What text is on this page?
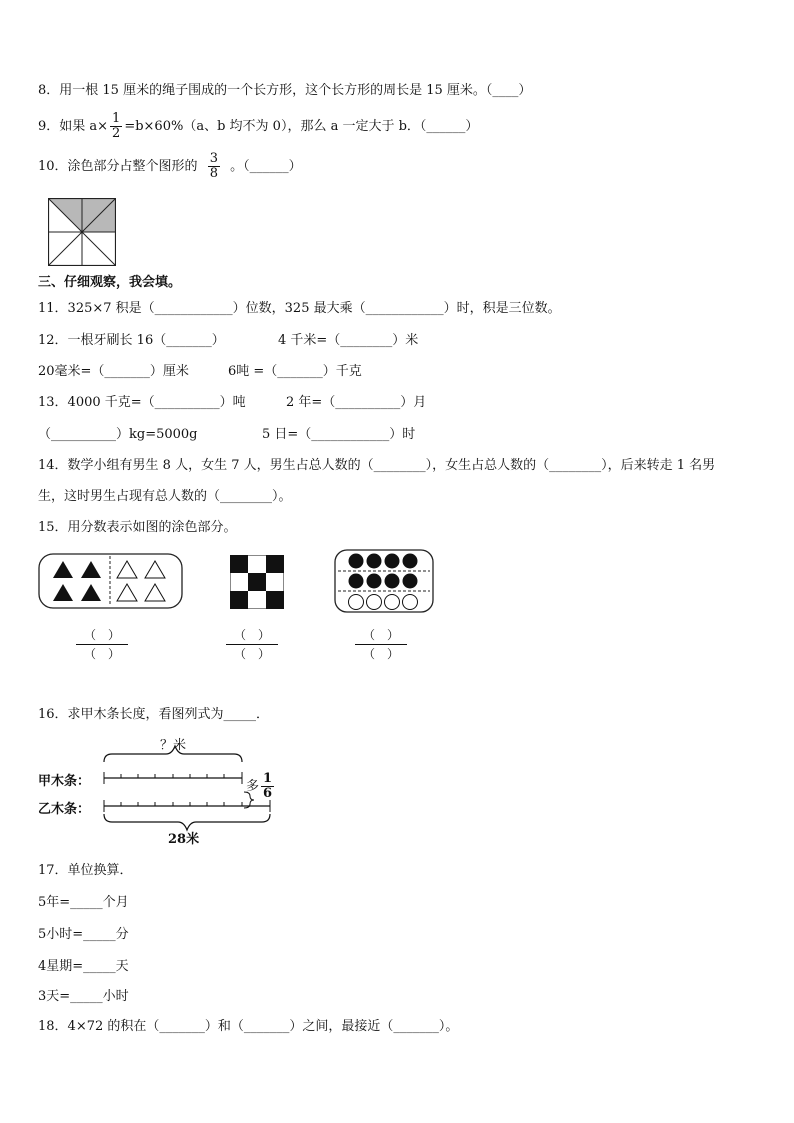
8．用一根 15 厘米的绳子围成的一个长方形，这个长方形的周长是 15 厘米。（____）
9．如果 $a\times \frac{1}{2} =b\times 60\%(a$、b 均不为 0），那么 a 一定大于 b．（______）
10．涂色部分占整个图形的 $\frac{3}{8}$ 。（______）
三、仔细观察，我会填。
11．325×7 积是（____________）位数，325 最大乘（____________）时，积是三位数。
12．一根牙刷长 16（_______）	4 千米=（________）米
20毫米=（_______）厘米	6吨 =（_______）千克
13．4000 千克=（__________）吨	2 年=（__________）月
（__________）kg=5000g	5 日=（____________）时
14．数学小组有男生 8 人，女生 7 人，男生占总人数的（________），女生占总人数的（________），后来转走 1 名男
生，这时男生占现有总人数的（________）。
15．用分数表示如图的涂色部分。
（　）
（　）
（　）
（　）
（　）
（　）
16．求甲木条长度，看图列式为_____．
？米
甲木条：
乙木条：
多 $\frac{1}{6}$
28米
17．单位换算．
5年=_____个月
5小时=_____分
4星期=_____天
3天=_____小时
18．4×72 的积在（_______）和（_______）之间，最接近（_______）。
